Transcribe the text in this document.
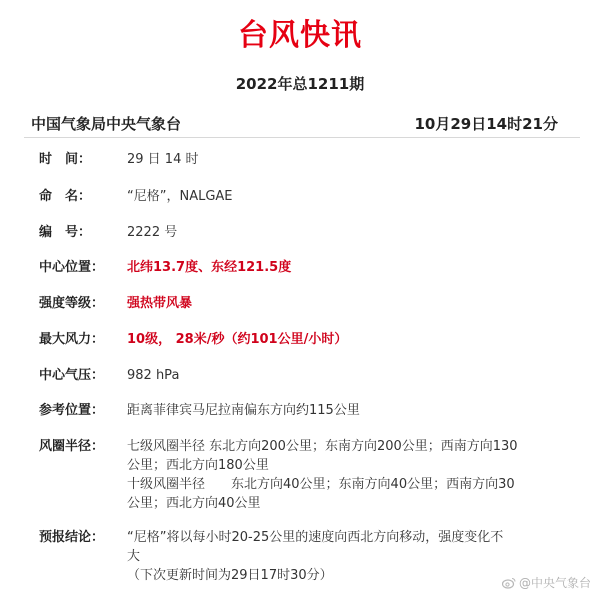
台风快讯
2022年总1211期
中国气象局中央气象台	10月29日14时21分
时　间：	29 日 14 时
命　名：	“尼格”，NALGAE
编　号：	2222 号
中心位置：	北纬13.7度、东经121.5度
强度等级：	强热带风暴
最大风力：	10级， 28米/秒（约101公里/小时）
中心气压：	982 hPa
参考位置：	距离菲律宾马尼拉南偏东方向约115公里
风圈半径：	七级风圈半径 东北方向200公里；东南方向200公里；西南方向130
公里；西北方向180公里
十级风圈半径　　东北方向40公里；东南方向40公里；西南方向30
公里；西北方向40公里
预报结论：	“尼格”将以每小时20-25公里的速度向西北方向移动，强度变化不
大
（下次更新时间为29日17时30分）	@中央气象台
